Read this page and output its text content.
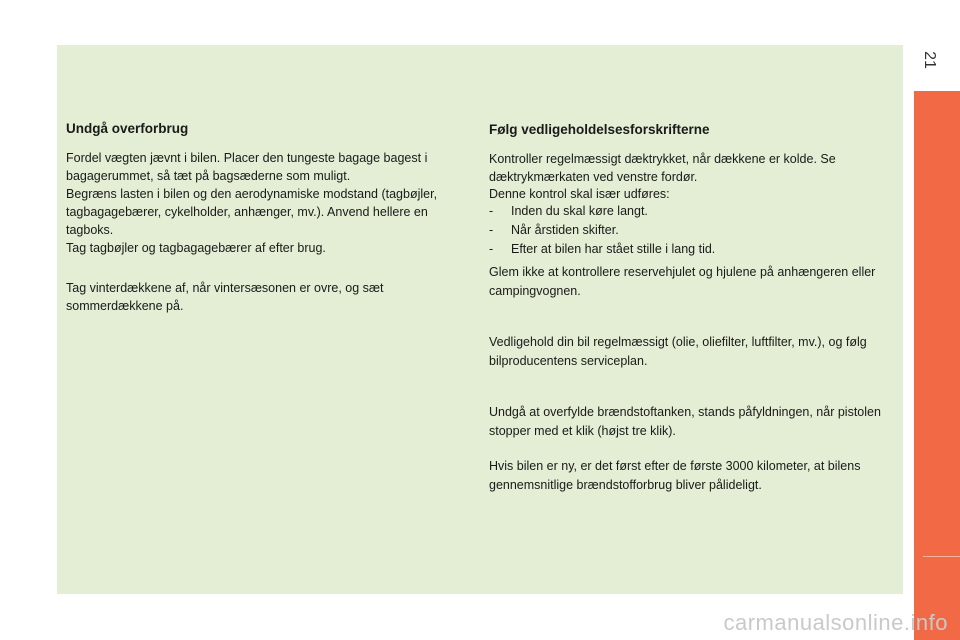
21
Undgå overforbrug

Fordel vægten jævnt i bilen. Placer den tungeste bagage bagest i
bagagerummet, så tæt på bagsæderne som muligt.

Begræns lasten i bilen og den aerodynamiske modstand (tagbøjler,
tagbagagebærer, cykelholder, anhænger, mv.). Anvend hellere en
tagboks.

Tag tagbøjler og tagbagagebærer af efter brug.

Tag vinterdækkene af, når vintersæsonen er ovre, og sæt
sommerdækkene på.

Følg vedligeholdelsesforskrifterne

Kontroller regelmæssigt dæktrykket, når dækkene er kolde. Se
dæktrykmærkaten ved venstre fordør.

Denne kontrol skal især udføres:

- Inden du skal køre langt.
- Når årstiden skifter.
- Efter at bilen har stået stille i lang tid.

Glem ikke at kontrollere reservehjulet og hjulene på anhængeren eller
campingvognen.

Vedligehold din bil regelmæssigt (olie, oliefilter, luftfilter, mv.), og følg
bilproducentens serviceplan.

Undgå at overfylde brændstoftanken, stands påfyldningen, når pistolen
stopper med et klik (højst tre klik).

Hvis bilen er ny, er det først efter de første 3000 kilometer, at bilens
gennemsnitlige brændstofforbrug bliver pålideligt.

carmanualsonline.info
